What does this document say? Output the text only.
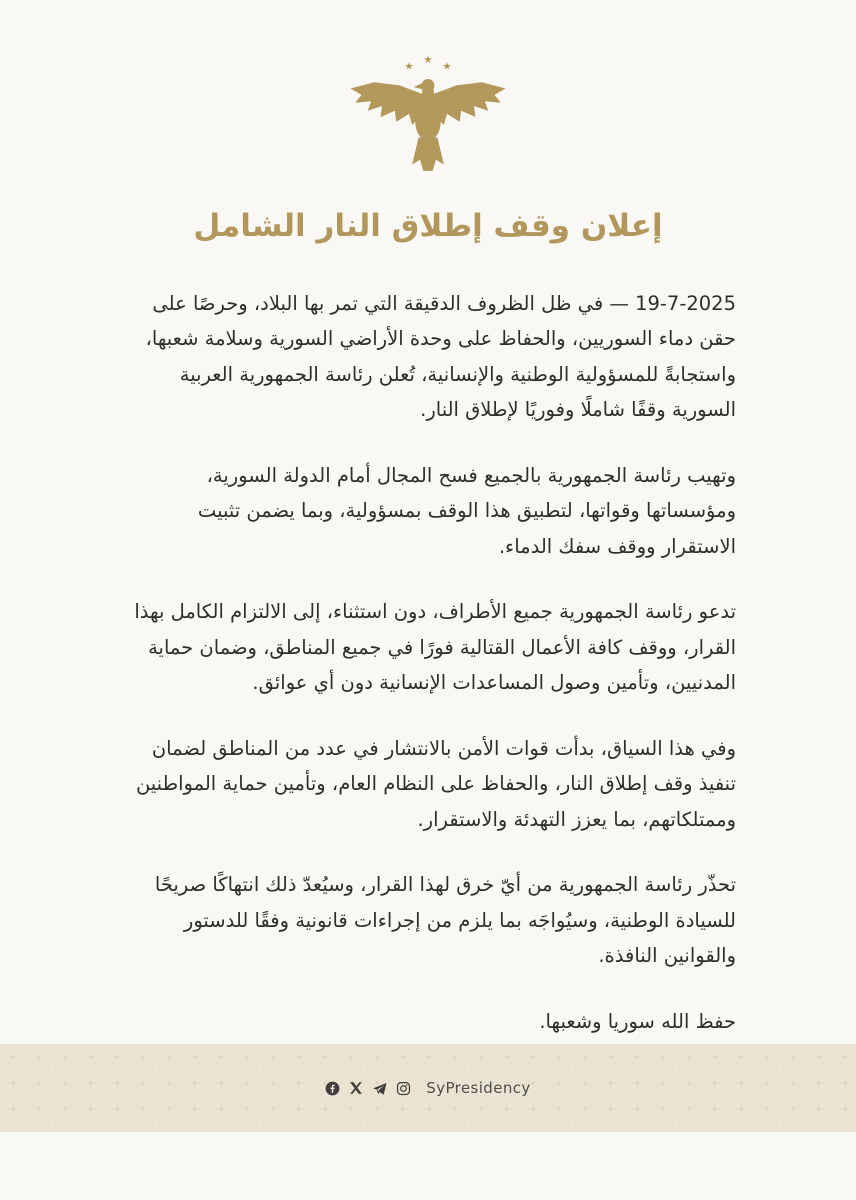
★
★
★
إعلان وقف إطلاق النار الشامل

19-7-2025 — في ظل الظروف الدقيقة التي تمر بها البلاد، وحرصًا على حقن دماء السوريين، والحفاظ على وحدة الأراضي السورية وسلامة شعبها، واستجابةً للمسؤولية الوطنية والإنسانية، تُعلن رئاسة الجمهورية العربية السورية وقفًا شاملًا وفوريًا لإطلاق النار.

وتهيب رئاسة الجمهورية بالجميع فسح المجال أمام الدولة السورية، ومؤسساتها وقواتها، لتطبيق هذا الوقف بمسؤولية، وبما يضمن تثبيت الاستقرار ووقف سفك الدماء.

تدعو رئاسة الجمهورية جميع الأطراف، دون استثناء، إلى الالتزام الكامل بهذا القرار، ووقف كافة الأعمال القتالية فورًا في جميع المناطق، وضمان حماية المدنيين، وتأمين وصول المساعدات الإنسانية دون أي عوائق.

وفي هذا السياق، بدأت قوات الأمن بالانتشار في عدد من المناطق لضمان تنفيذ وقف إطلاق النار، والحفاظ على النظام العام، وتأمين حماية المواطنين وممتلكاتهم، بما يعزز التهدئة والاستقرار.

تحذّر رئاسة الجمهورية من أيّ خرق لهذا القرار، وسيُعدّ ذلك انتهاكًا صريحًا للسيادة الوطنية، وسيُواجَه بما يلزم من إجراءات قانونية وفقًا للدستور والقوانين النافذة.

حفظ الله سوريا وشعبها.

SyPresidency
